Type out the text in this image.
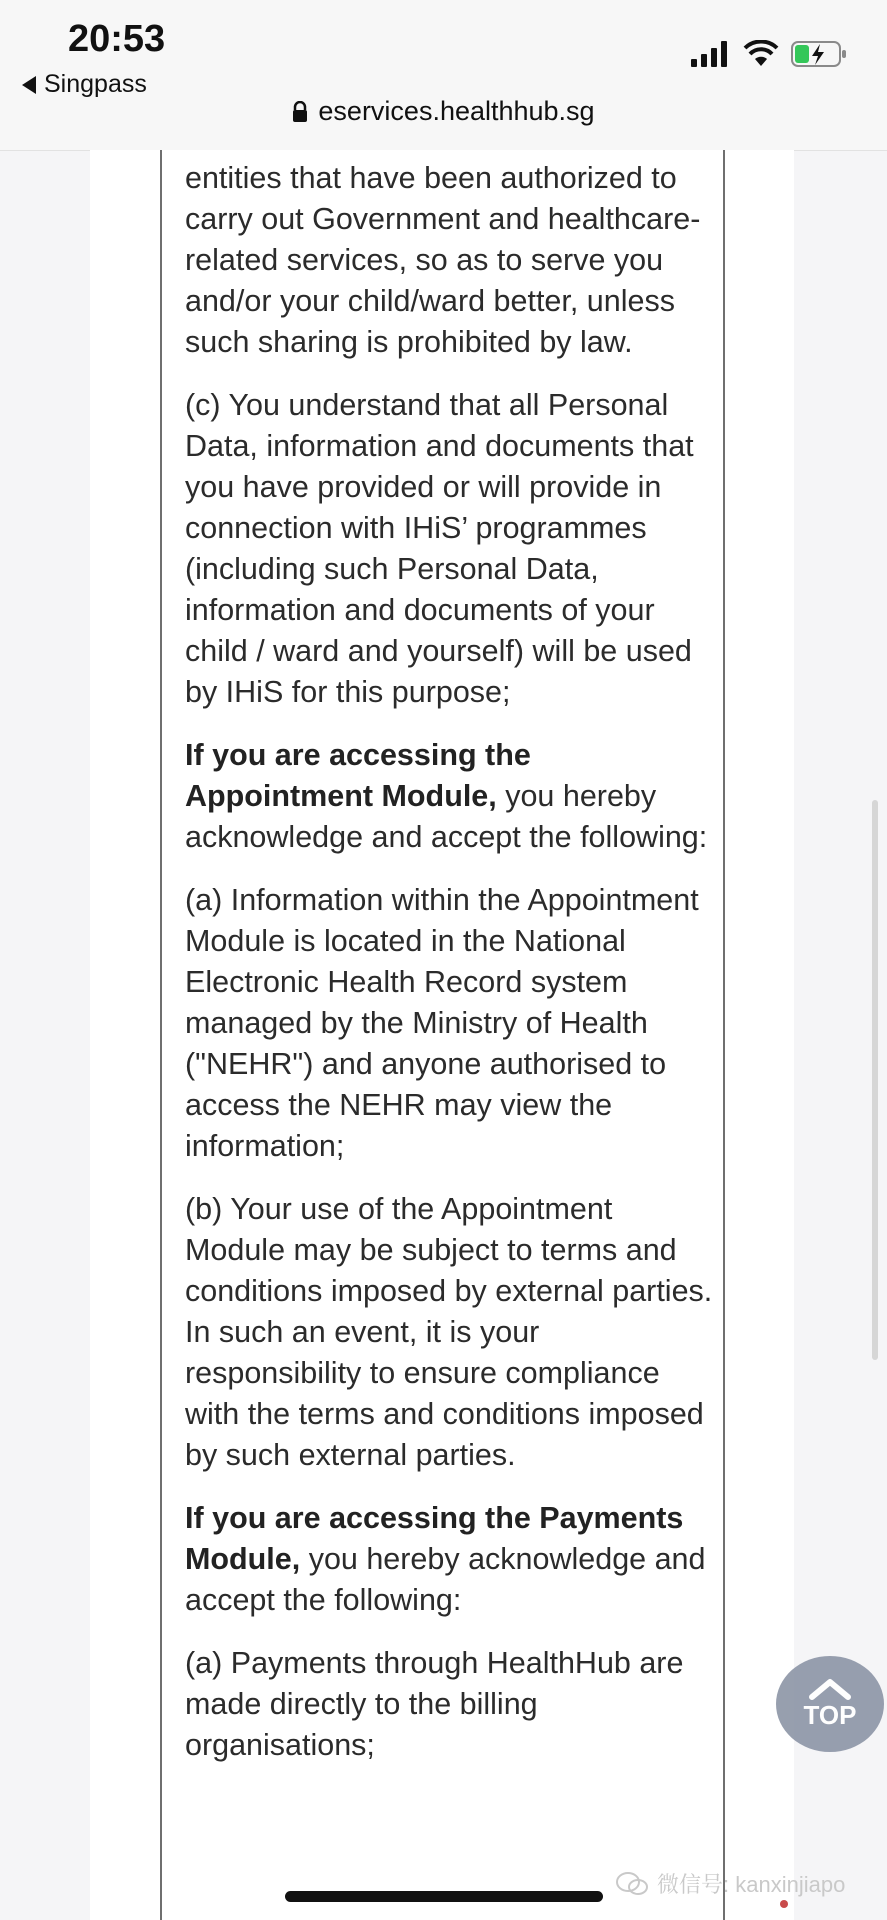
20:53
Singpass
eservices.healthhub.sg

entities that have been authorized to carry out Government and healthcare-related services, so as to serve you and/or your child/ward better, unless such sharing is prohibited by law.

(c) You understand that all Personal Data, information and documents that you have provided or will provide in connection with IHiS’ programmes (including such Personal Data, information and documents of your child / ward and yourself) will be used by IHiS for this purpose;

If you are accessing the Appointment Module, you hereby acknowledge and accept the following:

(a) Information within the Appointment Module is located in the National Electronic Health Record system managed by the Ministry of Health ("NEHR") and anyone authorised to access the NEHR may view the information;

(b) Your use of the Appointment Module may be subject to terms and conditions imposed by external parties. In such an event, it is your responsibility to ensure compliance with the terms and conditions imposed by such external parties.

If you are accessing the Payments Module, you hereby acknowledge and accept the following:

(a) Payments through HealthHub are made directly to the billing organisations;

TOP
微信号: kanxinjiapo
